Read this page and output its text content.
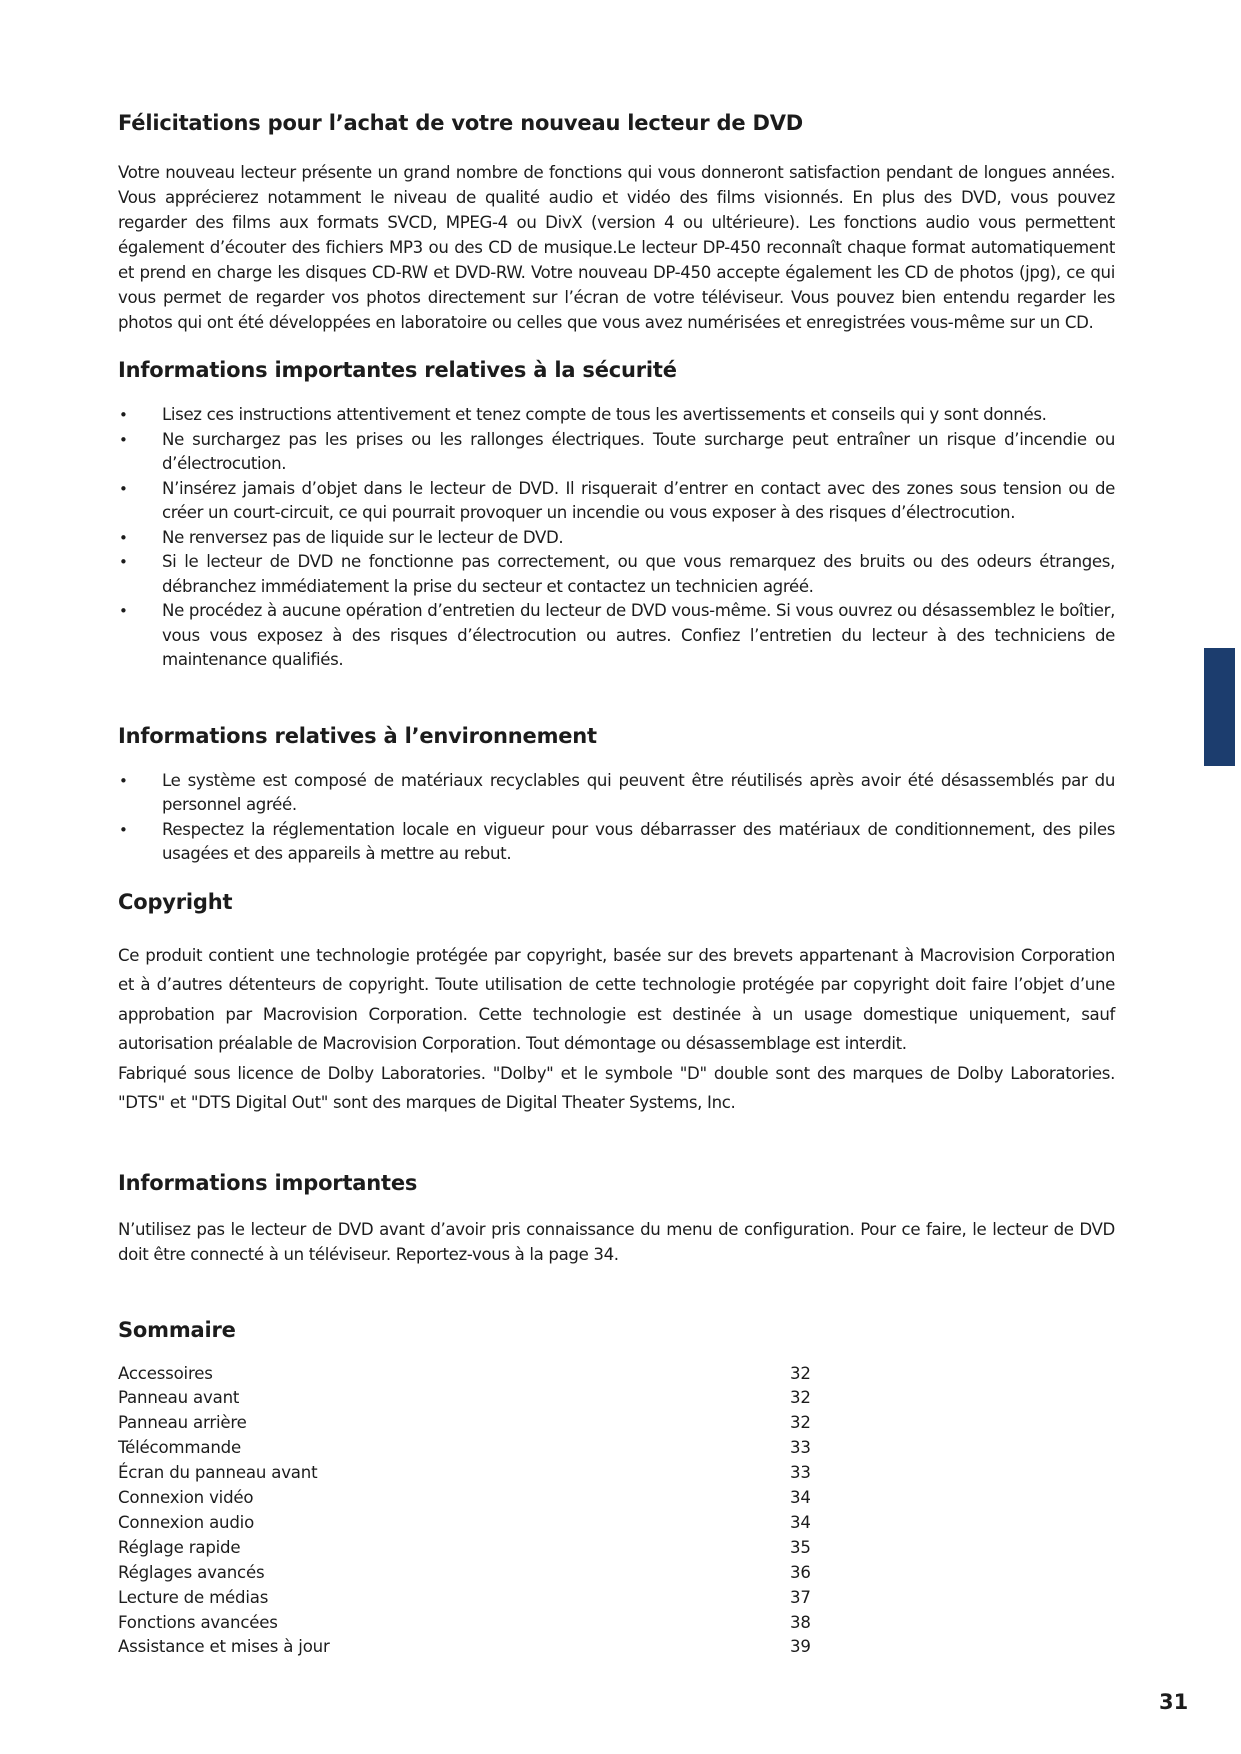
Félicitations pour l’achat de votre nouveau lecteur de DVD

Votre nouveau lecteur présente un grand nombre de fonctions qui vous donneront satisfaction pendant de longues années. Vous apprécierez notamment le niveau de qualité audio et vidéo des films visionnés. En plus des DVD, vous pouvez regarder des films aux formats SVCD, MPEG-4 ou DivX (version 4 ou ultérieure). Les fonctions audio vous permettent également d’écouter des fichiers MP3 ou des CD de musique.Le lecteur DP-450 reconnaît chaque format automatiquement et prend en charge les disques CD-RW et DVD-RW. Votre nouveau DP-450 accepte également les CD de photos (jpg), ce qui vous permet de regarder vos photos directement sur l’écran de votre téléviseur. Vous pouvez bien entendu regarder les photos qui ont été développées en laboratoire ou celles que vous avez numérisées et enregistrées vous-même sur un CD.

Informations importantes relatives à la sécurité
• Lisez ces instructions attentivement et tenez compte de tous les avertissements et conseils qui y sont donnés.
• Ne surchargez pas les prises ou les rallonges électriques. Toute surcharge peut entraîner un risque d’incendie ou d’électrocution.
• N’insérez jamais d’objet dans le lecteur de DVD. Il risquerait d’entrer en contact avec des zones sous tension ou de créer un court-circuit, ce qui pourrait provoquer un incendie ou vous exposer à des risques d’électrocution.
• Ne renversez pas de liquide sur le lecteur de DVD.
• Si le lecteur de DVD ne fonctionne pas correctement, ou que vous remarquez des bruits ou des odeurs étranges, débranchez immédiatement la prise du secteur et contactez un technicien agréé.
• Ne procédez à aucune opération d’entretien du lecteur de DVD vous-même. Si vous ouvrez ou désassemblez le boîtier, vous vous exposez à des risques d’électrocution ou autres. Confiez l’entretien du lecteur à des techniciens de maintenance qualifiés.
Informations relatives à l’environnement
• Le système est composé de matériaux recyclables qui peuvent être réutilisés après avoir été désassemblés par du personnel agréé.
• Respectez la réglementation locale en vigueur pour vous débarrasser des matériaux de conditionnement, des piles usagées et des appareils à mettre au rebut.
Copyright

Ce produit contient une technologie protégée par copyright, basée sur des brevets appartenant à Macrovision Corporation et à d’autres détenteurs de copyright. Toute utilisation de cette technologie protégée par copyright doit faire l’objet d’une approbation par Macrovision Corporation. Cette technologie est destinée à un usage domestique uniquement, sauf autorisation préalable de Macrovision Corporation. Tout démontage ou désassemblage est interdit.

Fabriqué sous licence de Dolby Laboratories. "Dolby" et le symbole "D" double sont des marques de Dolby Laboratories. "DTS" et "DTS Digital Out" sont des marques de Digital Theater Systems, Inc.

Informations importantes

N’utilisez pas le lecteur de DVD avant d’avoir pris connaissance du menu de configuration. Pour ce faire, le lecteur de DVD doit être connecté à un téléviseur. Reportez-vous à la page 34.

Sommaire
Accessoires	32
Panneau avant	32
Panneau arrière	32
Télécommande	33
Écran du panneau avant	33
Connexion vidéo	34
Connexion audio	34
Réglage rapide	35
Réglages avancés	36
Lecture de médias	37
Fonctions avancées	38
Assistance et mises à jour	39
31
